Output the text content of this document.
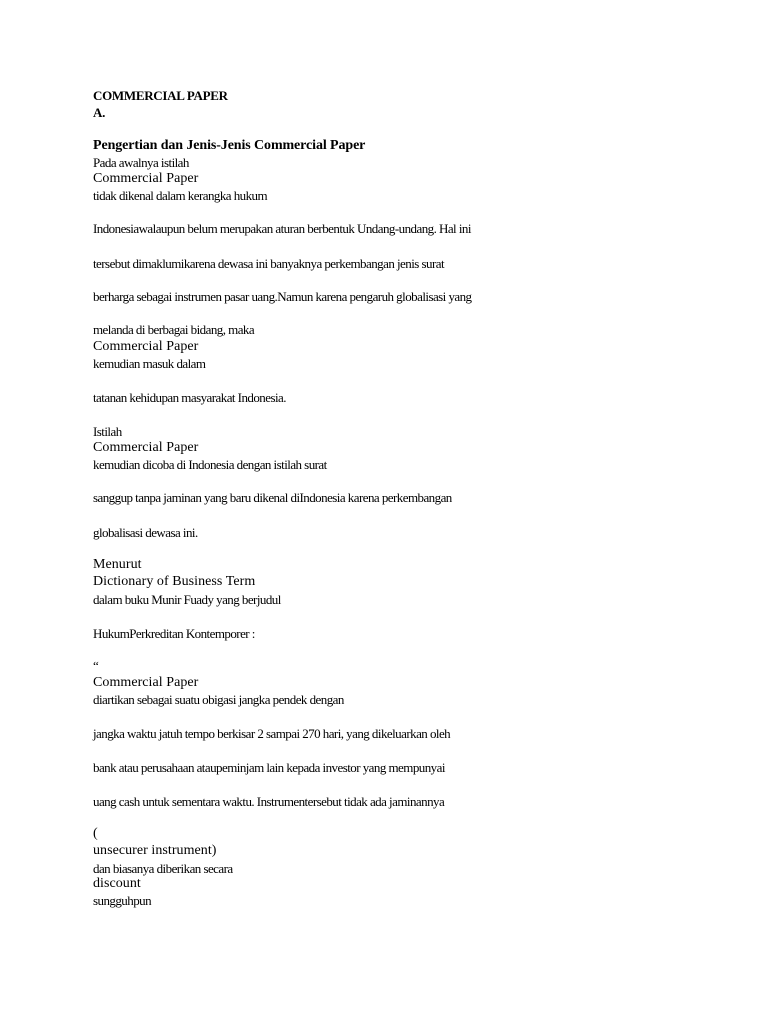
COMMERCIAL PAPER
A.
Pengertian dan Jenis-Jenis Commercial Paper
Pada awalnya istilah
Commercial Paper
tidak dikenal dalam kerangka hukum
Indonesiawalaupun belum merupakan aturan berbentuk Undang-undang. Hal ini
tersebut dimaklumikarena dewasa ini banyaknya perkembangan jenis surat
berharga sebagai instrumen pasar uang.Namun karena pengaruh globalisasi yang
melanda di berbagai bidang, maka
Commercial Paper
kemudian masuk dalam
tatanan kehidupan masyarakat Indonesia.
Istilah
Commercial Paper
kemudian dicoba di Indonesia dengan istilah surat
sanggup tanpa jaminan yang baru dikenal diIndonesia karena perkembangan
globalisasi dewasa ini.
Menurut
Dictionary of Business Term
dalam buku Munir Fuady yang berjudul
HukumPerkreditan Kontemporer :
“
Commercial Paper
diartikan sebagai suatu obigasi jangka pendek dengan
jangka waktu jatuh tempo berkisar 2 sampai 270 hari, yang dikeluarkan oleh
bank atau perusahaan ataupeminjam lain kepada investor yang mempunyai
uang cash untuk sementara waktu. Instrumentersebut tidak ada jaminannya
(
unsecurer instrument)
dan biasanya diberikan secara
discount
sungguhpun
